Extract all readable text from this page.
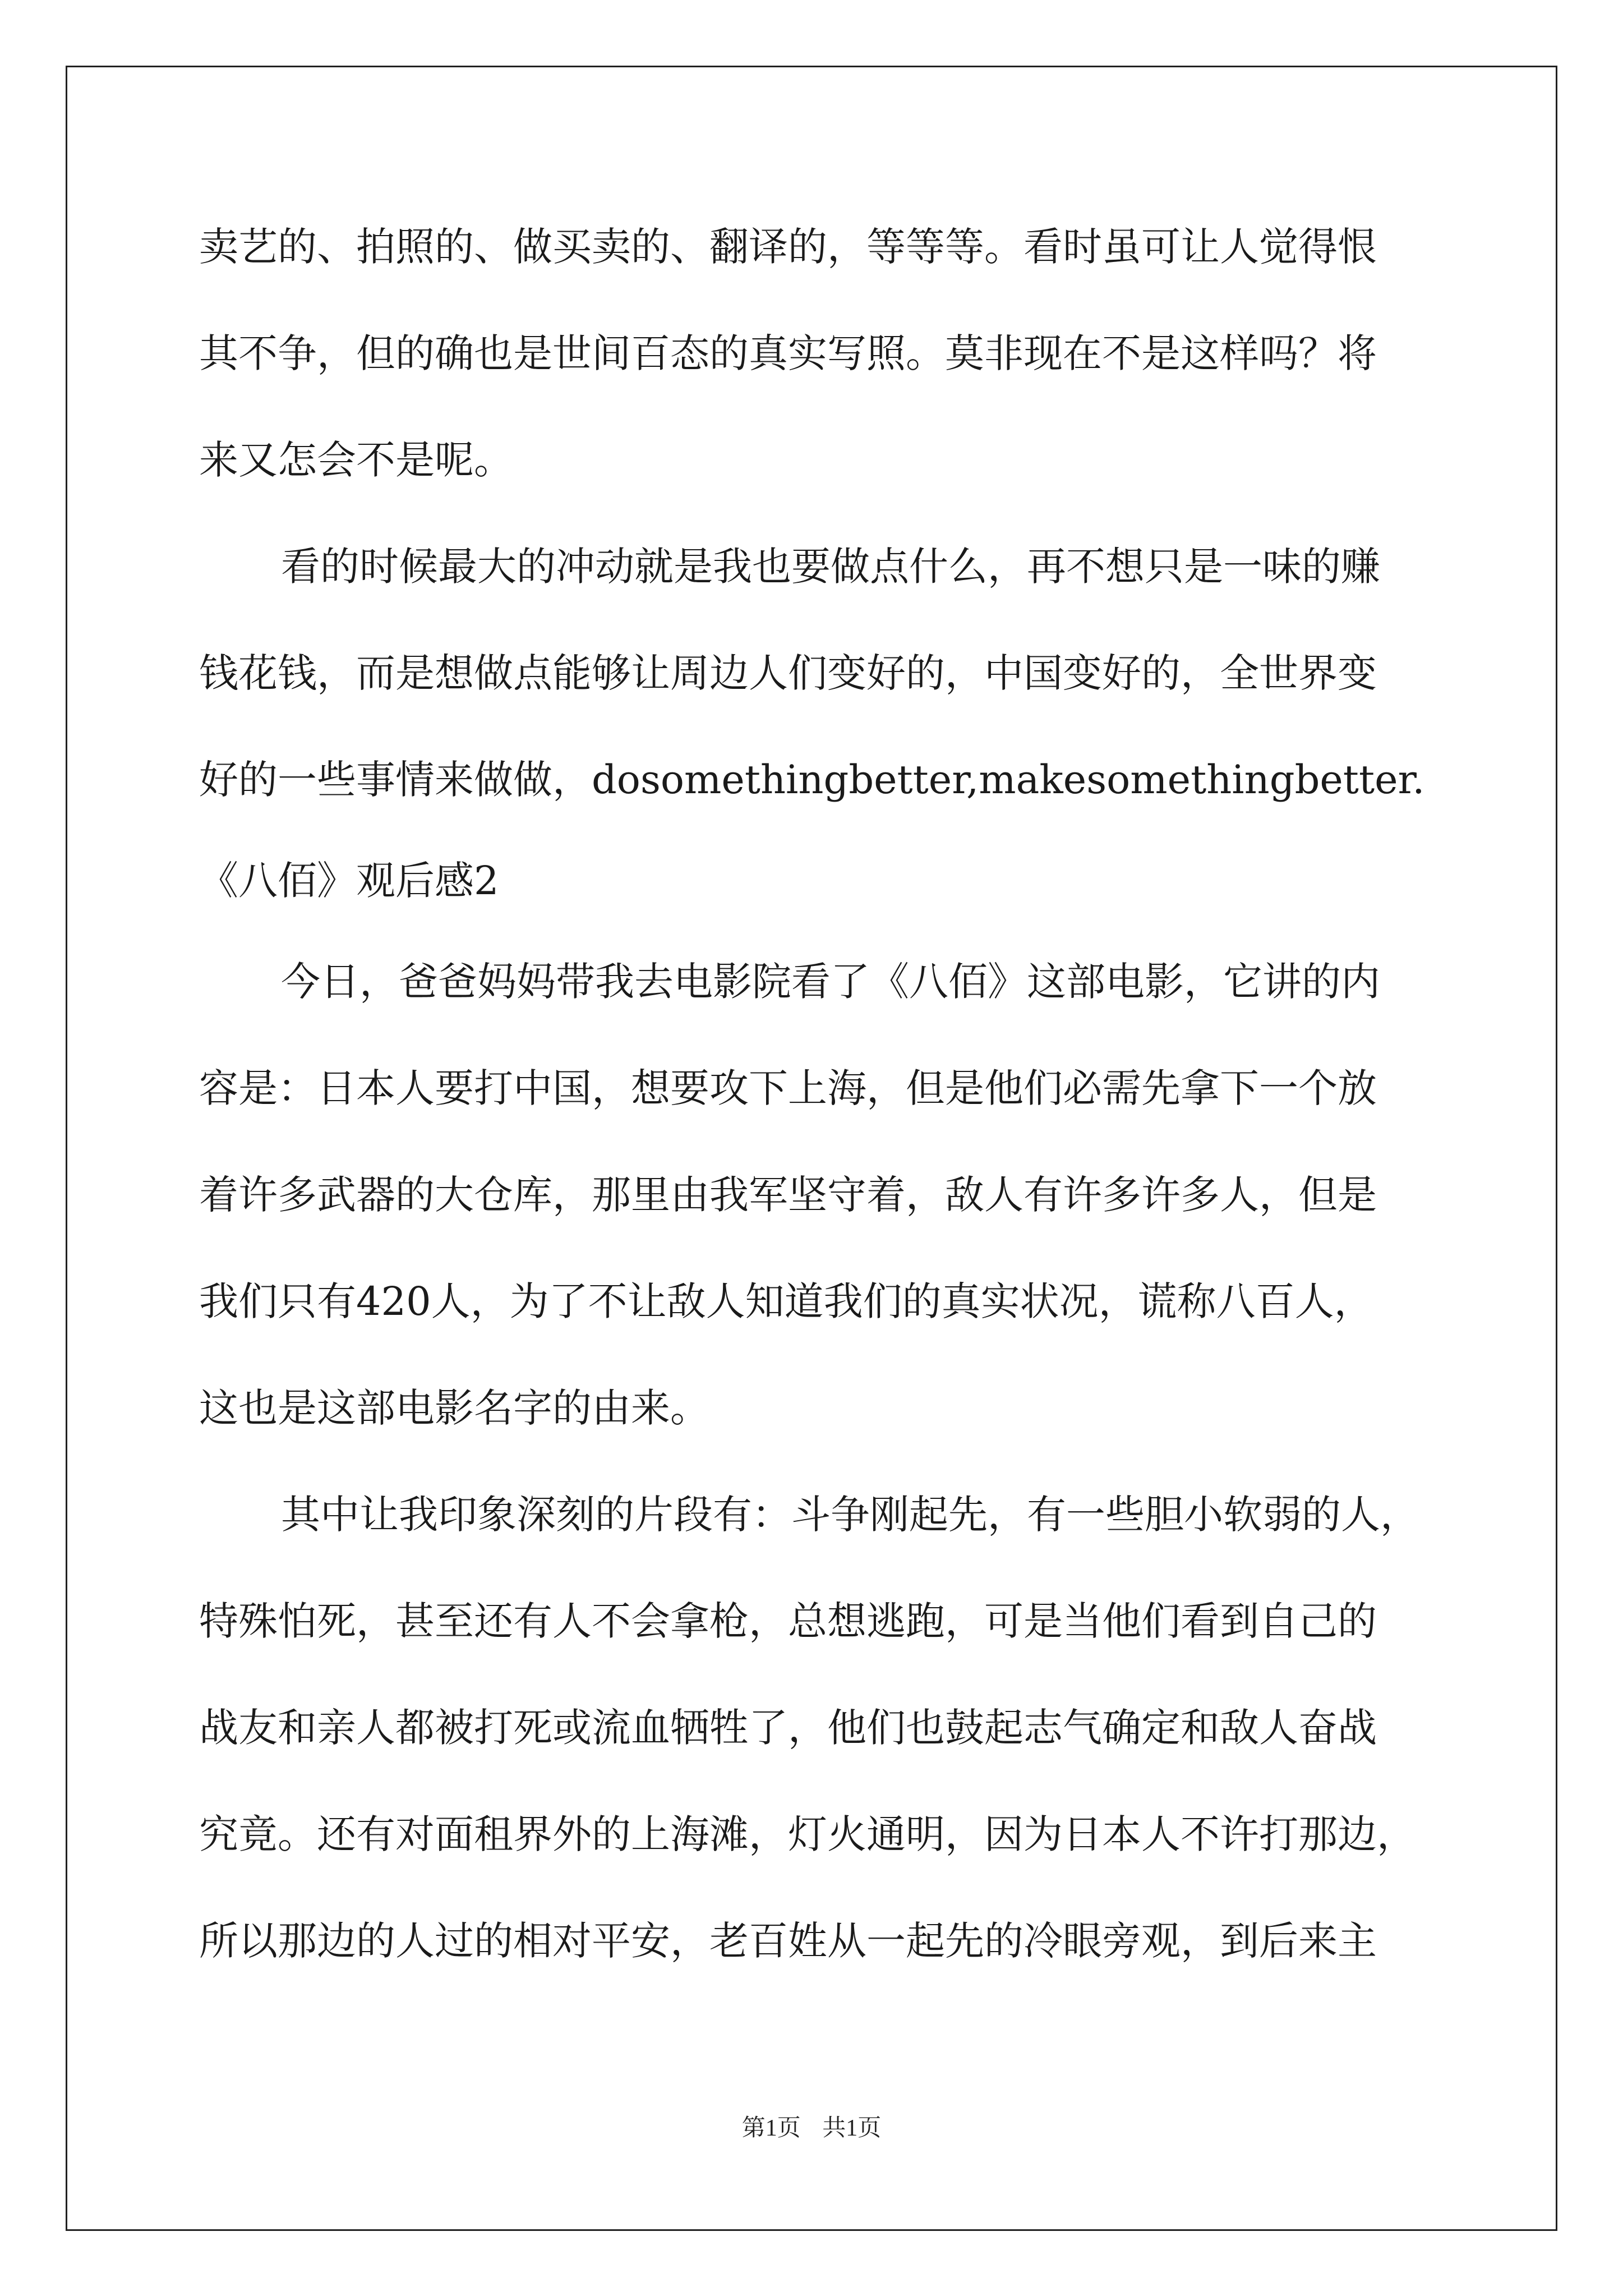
卖艺的、拍照的、做买卖的、翻译的，等等等。看时虽可让人觉得恨
其不争，但的确也是世间百态的真实写照。莫非现在不是这样吗？将
来又怎会不是呢。
看的时候最大的冲动就是我也要做点什么，再不想只是一味的赚
钱花钱，而是想做点能够让周边人们变好的，中国变好的，全世界变
好的一些事情来做做，dosomethingbetter,makesomethingbetter.
《八佰》观后感2
今日，爸爸妈妈带我去电影院看了《八佰》这部电影，它讲的内
容是：日本人要打中国，想要攻下上海，但是他们必需先拿下一个放
着许多武器的大仓库，那里由我军坚守着，敌人有许多许多人，但是
我们只有420人，为了不让敌人知道我们的真实状况，谎称八百人，
这也是这部电影名字的由来。
其中让我印象深刻的片段有：斗争刚起先，有一些胆小软弱的人，
特殊怕死，甚至还有人不会拿枪，总想逃跑，可是当他们看到自己的
战友和亲人都被打死或流血牺牲了，他们也鼓起志气确定和敌人奋战
究竟。还有对面租界外的上海滩，灯火通明，因为日本人不许打那边，
所以那边的人过的相对平安，老百姓从一起先的冷眼旁观，到后来主
第1页 共1页
